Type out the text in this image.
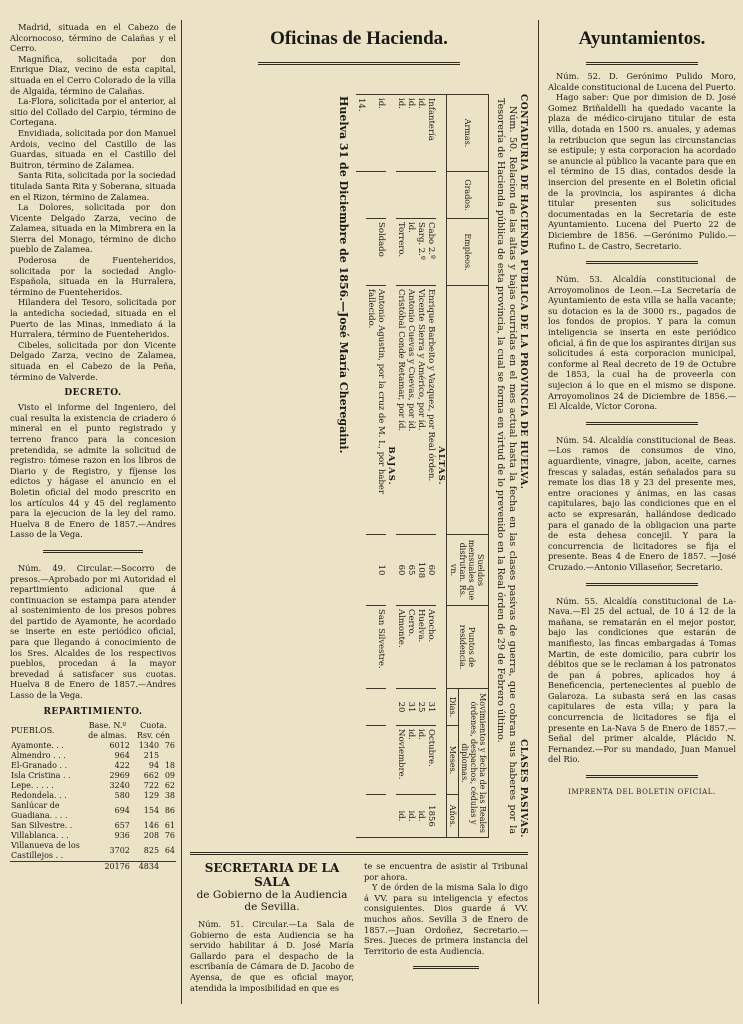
Madrid, situada en el Cabezo de Alcornocoso, término de Calañas y el Cerro.

Magnífica, solicitada por don Enrique Diaz, vecino de esta capital, situada en el Cerro Colorado de la villa de Algaida, término de Calañas.

La-Flora, solicitada por el anterior, al sitio del Collado del Carpio, término de Cortegana.

Envidiada, solicitada por don Manuel Ardois, vecino del Castillo de las Guardas, situada en el Castillo del Buitron, término de Zalamea.

Santa Rita, solicitada por la sociedad titulada Santa Rita y Soberana, situada en el Rizon, término de Zalamea.

La Dolores, solicitada por don Vicente Delgado Zarza, vecino de Zalamea, situada en la Mimbrera en la Sierra del Monago, término de dicho pueblo de Zalamea.

Poderosa de Fuenteheridos, solicitada por la sociedad Anglo-Española, situada en la Hurralera, término de Fuenteheridos.

Hilandera del Tesoro, solicitada por la antedicha sociedad, situada en el Puerto de las Minas, inmediato á la Hurralera, término de Fuenteheridos.

Cibeles, solicitada por don Vicente Delgado Zarza, vecino de Zalamea, situada en el Cabezo de la Peña, término de Valverde.

DECRETO.

Visto el informe del Ingeniero, del cual resulta la existencia de criadero ó mineral en el punto registrado y terreno franco para la concesion pretendida, se admite la solicitud de registro: tómese razon en los libros de Diario y de Registro, y fíjense los edictos y hágase el anuncio en el Boletin oficial del modo prescrito en los artículos 44 y 45 del reglamento para la ejecucion de la ley del ramo. Huelva 8 de Enero de 1857.—Andres Lasso de la Vega.

Núm. 49. Circular.—Socorro de presos.—Aprobado por mi Autoridad el repartimiento adicional que á continuacion se estampa para atender al sostenimiento de los presos pobres del partido de Ayamonte, he acordado se inserte en este periódico oficial, para que llegando á conocimiento de los Sres. Alcaldes de los respectivos pueblos, procedan á la mayor brevedad á satisfacer sus cuotas. Huelva 8 de Enero de 1857.—Andres Lasso de la Vega.

REPARTIMIENTO.
PUEBLOS.	Base. N.º de almas.	Cuota. Rsv. cén	
Ayamonte. . .	6012	1340	76
Almendro . . .	964	215	
El-Granado . .	422	94	18
Isla Cristina . .	2969	662	09
Lepe. . . . .	3240	722	62
Redondela. . .	580	129	38
Sanlúcar de Guadiana. . . .	694	154	86
San Silvestre. .	657	146	61
Villablanca. . .	936	208	76
Villanueva de los Castillejos . .	3702	825	64
	20176	4834	
Oficinas de Hacienda.
CONTADURIA DE HACIENDA PÚBLICA DE LA PROVINCIA DE HUELVA.
CLASES PASIVAS.

Núm. 50. Relacion de las altas y bajas ocurridas en el mes actual hasta la fecha en las clases pasivas de guerra, que cobran sus haberes por la Tesorería de Hacienda pública de esta provincia, la cual se forma en virtud de lo prevenido en la Real órden de 29 de Febrero último.

Armas.	Grados.	Empleos.		Sueldos mensuales que disfrutan. Rs. vn.	Puntos de residencia.	Movimientos y fecha de las Reales órdenes, despachos, cédulas y diplomas.		
						Dias.	Meses.	Años.
ALTAS.								
Infantería		Cabo 2.º	Enrique Barbeito y Vazquez, por Real órden.	60	Arocho.	31	Octubre.	1856
id.		Sarg. 2.º	Vicente Sierra y Américo, por íd.	108	Huelva.	25	id.	id.
id.		id.	Antonio Cuevas y Cuevas, por íd.	65	Cerro.	31	id.	id.
id.		Torrero.	Cristóbal Conde Retamar, por íd.	60	Almonte.	20	Noviembre.	id.
BAJAS.								
id.		Soldado	Antonio Agustin, por la cruz de M. I., por haber fallecido.	10	San Silvestre.			
14.								
Huelva 31 de Diciembre de 1856.—José María Cheregaini.
SECRETARIA DE LA SALA
de Gobierno de la Audiencia de Sevilla.

Núm. 51. Circular.—La Sala de Gobierno de esta Audiencia se ha servido habilitar á D. José María Gallardo para el despacho de la escribanía de Cámara de D. Jacobo de Ayensa, de que es oficial mayor, atendida la imposibilidad en que es

te se encuentra de asistir al Tribunal por ahora.

Y de órden de la misma Sala lo digo á VV. para su inteligencia y efectos consiguientes. Dios guarde á VV. muchos años. Sevilla 3 de Enero de 1857.—Juan Ordoñez, Secretario.—Sres. Jueces de primera instancia del Territorio de esta Audiencia.

Ayuntamientos.

Núm. 52. D. Gerónimo Pulido Moro, Alcalde constitucional de Lucena del Puerto.

Hago saber: Que por dimision de D. José Gomez Briñaldelli ha quedado vacante la plaza de médico-cirujano titular de esta villa, dotada en 1500 rs. anuales, y ademas la retribucion que segun las circunstancias se estipule; y esta corporacion ha acordado se anuncie al público la vacante para que en el término de 15 dias, contados desde la insercion del presente en el Boletin oficial de la provincia, los aspirantes á dicha titular presenten sus solicitudes documentadas en la Secretaría de este Ayuntamiento. Lucena del Puerto 22 de Diciembre de 1856. —Gerónimo Pulido.—Rufino L. de Castro, Secretario.

Núm. 53. Alcaldía constitucional de Arroyomolinos de Leon.—La Secretaría de Ayuntamiento de esta villa se halla vacante; su dotacion es la de 3000 rs., pagados de los fondos de propios. Y para la comun inteligencia se inserta en este periódico oficial, á fin de que los aspirantes dirijan sus solicitudes á esta corporacion municipal, conforme al Real decreto de 19 de Octubre de 1853, la cual ha de proveerla con sujecion á lo que en el mismo se dispone. Arroyomolinos 24 de Diciembre de 1856.—El Alcalde, Víctor Corona.

Núm. 54. Alcaldía constitucional de Beas.—Los ramos de consumos de vino, aguardiente, vinagre, jabon, aceite, carnes frescas y saladas, están señalados para su remate los dias 18 y 23 del presente mes, entre oraciones y ánimas, en las casas capitulares, bajo las condiciones que en el acto se expresarán, hallándose dedicado para el ganado de la obligacion una parte de esta dehesa concejil. Y para la concurrencia de licitadores se fija el presente. Beas 4 de Enero de 1857. —José Cruzado.—Antonio Villaseñor, Secretario.

Núm. 55. Alcaldía constitucional de La-Nava.—El 25 del actual, de 10 á 12 de la mañana, se rematarán en el mejor postor, bajo las condiciones que estarán de manifiesto, las fincas embargadas á Tomas Martin, de este domicilio, para cubrir los débitos que se le reclaman á los patronatos de pan á pobres, aplicados hoy á Beneficencia, pertenecientes al pueblo de Galaroza. La subasta será en las casas capitulares de esta villa; y para la concurrencia de licitadores se fija el presente en La-Nava 5 de Enero de 1857.—Señal del primer alcalde, Plácido N. Fernandez.—Por su mandado, Juan Manuel del Rio.

IMPRENTA DEL BOLETIN OFICIAL.
